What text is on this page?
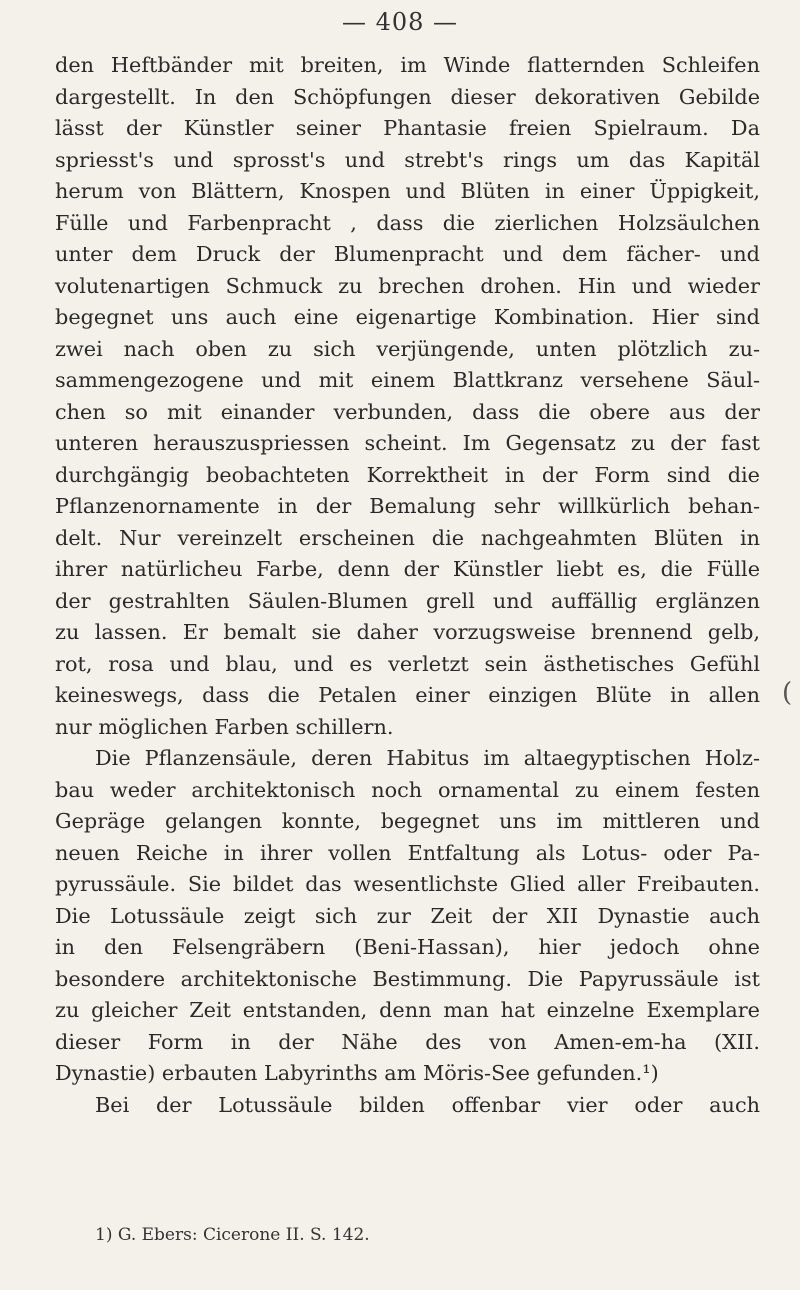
— 408 —
den Heftbänder mit breiten, im Winde flatternden Schleifen
dargestellt. In den Schöpfungen dieser dekorativen Gebilde
lässt der Künstler seiner Phantasie freien Spielraum. Da
spriesst's und sprosst's und strebt's rings um das Kapitäl
herum von Blättern, Knospen und Blüten in einer Üppigkeit,
Fülle und Farbenpracht , dass die zierlichen Holzsäulchen
unter dem Druck der Blumenpracht und dem fächer- und
volutenartigen Schmuck zu brechen drohen. Hin und wieder
begegnet uns auch eine eigenartige Kombination. Hier sind
zwei nach oben zu sich verjüngende, unten plötzlich zu-
sammengezogene und mit einem Blattkranz versehene Säul-
chen so mit einander verbunden, dass die obere aus der
unteren herauszuspriessen scheint. Im Gegensatz zu der fast
durchgängig beobachteten Korrektheit in der Form sind die
Pflanzenornamente in der Bemalung sehr willkürlich behan-
delt. Nur vereinzelt erscheinen die nachgeahmten Blüten in
ihrer natürlicheu Farbe, denn der Künstler liebt es, die Fülle
der gestrahlten Säulen-Blumen grell und auffällig erglänzen
zu lassen. Er bemalt sie daher vorzugsweise brennend gelb,
rot, rosa und blau, und es verletzt sein ästhetisches Gefühl
keineswegs, dass die Petalen einer einzigen Blüte in allen
nur möglichen Farben schillern.
Die Pflanzensäule, deren Habitus im altaegyptischen Holz-
bau weder architektonisch noch ornamental zu einem festen
Gepräge gelangen konnte, begegnet uns im mittleren und
neuen Reiche in ihrer vollen Entfaltung als Lotus- oder Pa-
pyrussäule. Sie bildet das wesentlichste Glied aller Freibauten.
Die Lotussäule zeigt sich zur Zeit der XII Dynastie auch
in den Felsengräbern (Beni-Hassan), hier jedoch ohne
besondere architektonische Bestimmung. Die Papyrussäule ist
zu gleicher Zeit entstanden, denn man hat einzelne Exemplare
dieser Form in der Nähe des von Amen-em-ha (XII.
Dynastie) erbauten Labyrinths am Möris-See gefunden.¹)
Bei der Lotussäule bilden offenbar vier oder auch
1) G. Ebers: Cicerone II. S. 142.
(
